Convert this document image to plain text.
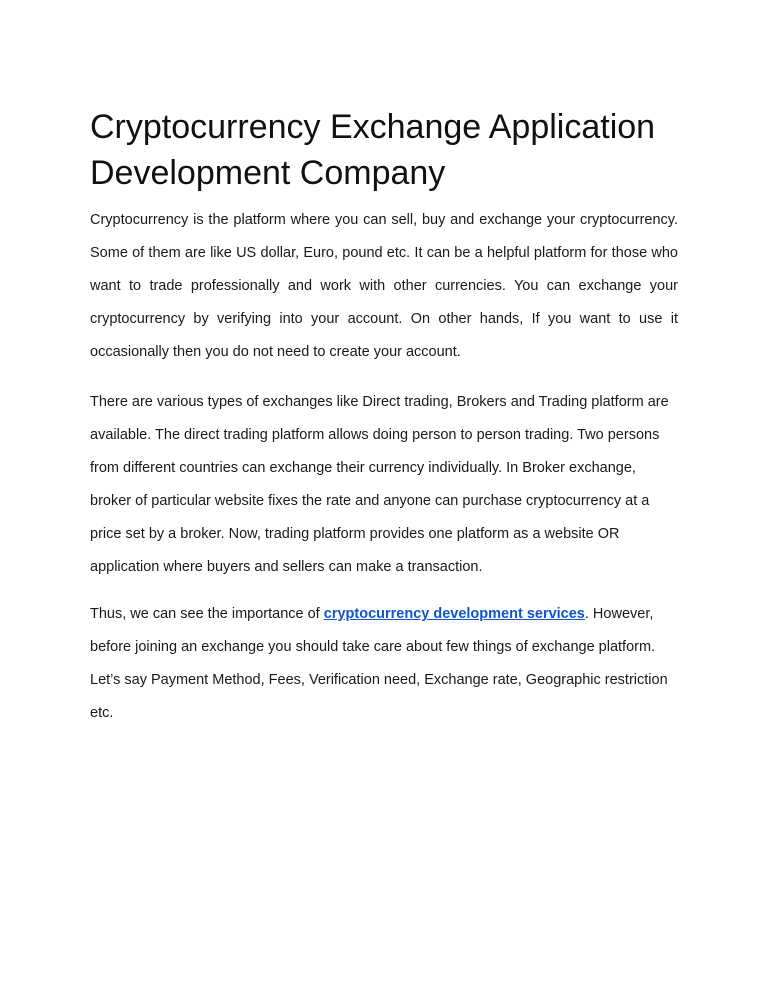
Cryptocurrency Exchange Application Development Company

Cryptocurrency is the platform where you can sell, buy and exchange your cryptocurrency. Some of them are like US dollar, Euro, pound etc. It can be a helpful platform for those who want to trade professionally and work with other currencies. You can exchange your cryptocurrency by verifying into your account. On other hands, If you want to use it occasionally then you do not need to create your account.

There are various types of exchanges like Direct trading, Brokers and Trading platform are available. The direct trading platform allows doing person to person trading. Two persons from different countries can exchange their currency individually. In Broker exchange, broker of particular website fixes the rate and anyone can purchase cryptocurrency at a price set by a broker. Now, trading platform provides one platform as a website OR application where buyers and sellers can make a transaction.

Thus, we can see the importance of cryptocurrency development services. However, before joining an exchange you should take care about few things of exchange platform. Let’s say Payment Method, Fees, Verification need, Exchange rate, Geographic restriction etc.
